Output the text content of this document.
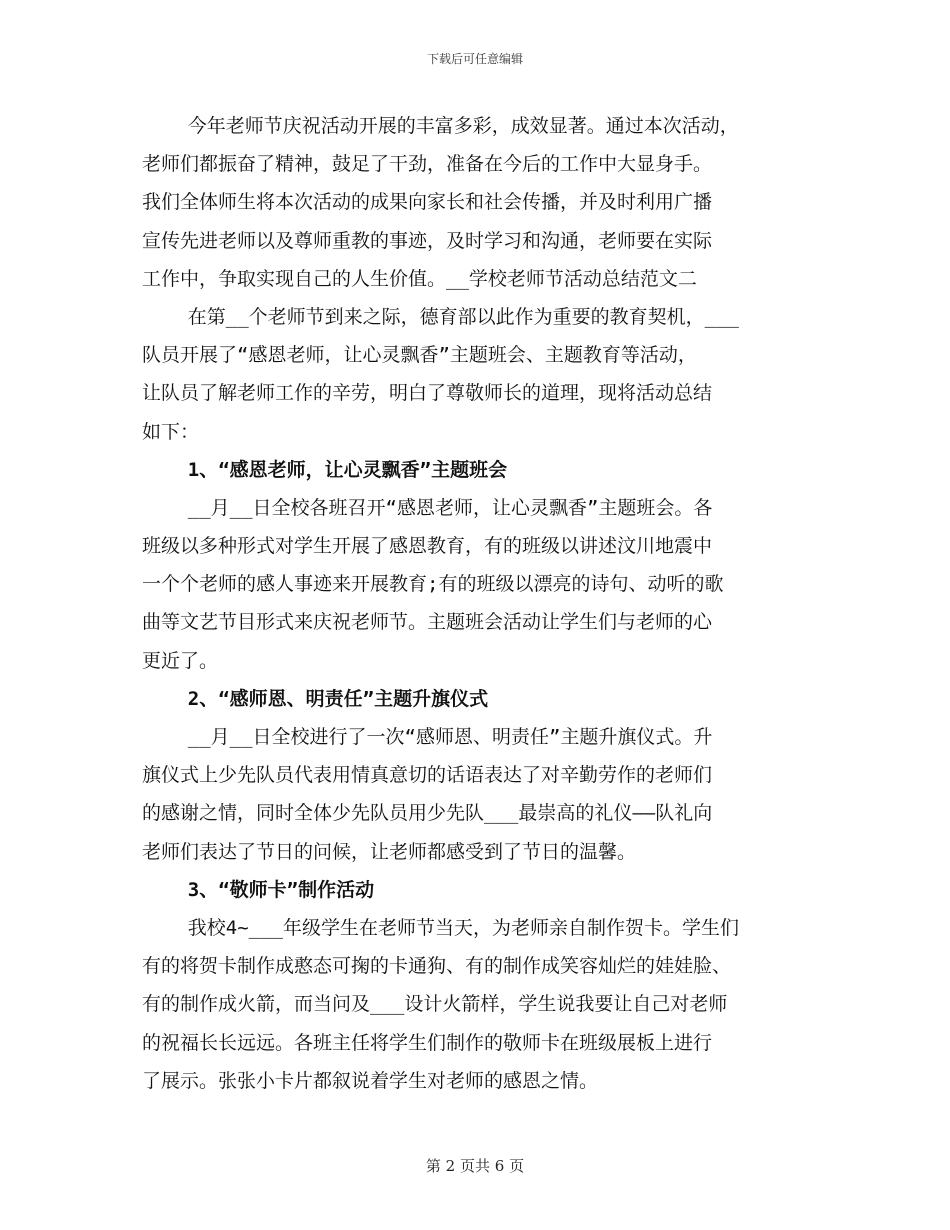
下载后可任意编辑
今年老师节庆祝活动开展的丰富多彩，成效显著。通过本次活动，
老师们都振奋了精神，鼓足了干劲，准备在今后的工作中大显身手。
我们全体师生将本次活动的成果向家长和社会传播，并及时利用广播
宣传先进老师以及尊师重教的事迹，及时学习和沟通，老师要在实际
工作中，争取实现自己的人生价值。__学校老师节活动总结范文二
在第__个老师节到来之际，德育部以此作为重要的教育契机，___
队员开展了“感恩老师，让心灵飘香”主题班会、主题教育等活动，
让队员了解老师工作的辛劳，明白了尊敬师长的道理，现将活动总结
如下：
1、“感恩老师，让心灵飘香”主题班会
__月__日全校各班召开“感恩老师，让心灵飘香”主题班会。各
班级以多种形式对学生开展了感恩教育，有的班级以讲述汶川地震中
一个个老师的感人事迹来开展教育;有的班级以漂亮的诗句、动听的歌
曲等文艺节目形式来庆祝老师节。主题班会活动让学生们与老师的心
更近了。
2、“感师恩、明责任”主题升旗仪式
__月__日全校进行了一次“感师恩、明责任”主题升旗仪式。升
旗仪式上少先队员代表用情真意切的话语表达了对辛勤劳作的老师们
的感谢之情，同时全体少先队员用少先队___最崇高的礼仪——队礼向
老师们表达了节日的问候，让老师都感受到了节日的温馨。
3、“敬师卡”制作活动
我校4~___年级学生在老师节当天，为老师亲自制作贺卡。学生们
有的将贺卡制作成憨态可掬的卡通狗、有的制作成笑容灿烂的娃娃脸、
有的制作成火箭，而当问及___设计火箭样，学生说我要让自己对老师
的祝福长长远远。各班主任将学生们制作的敬师卡在班级展板上进行
了展示。张张小卡片都叙说着学生对老师的感恩之情。
第 2 页共 6 页
